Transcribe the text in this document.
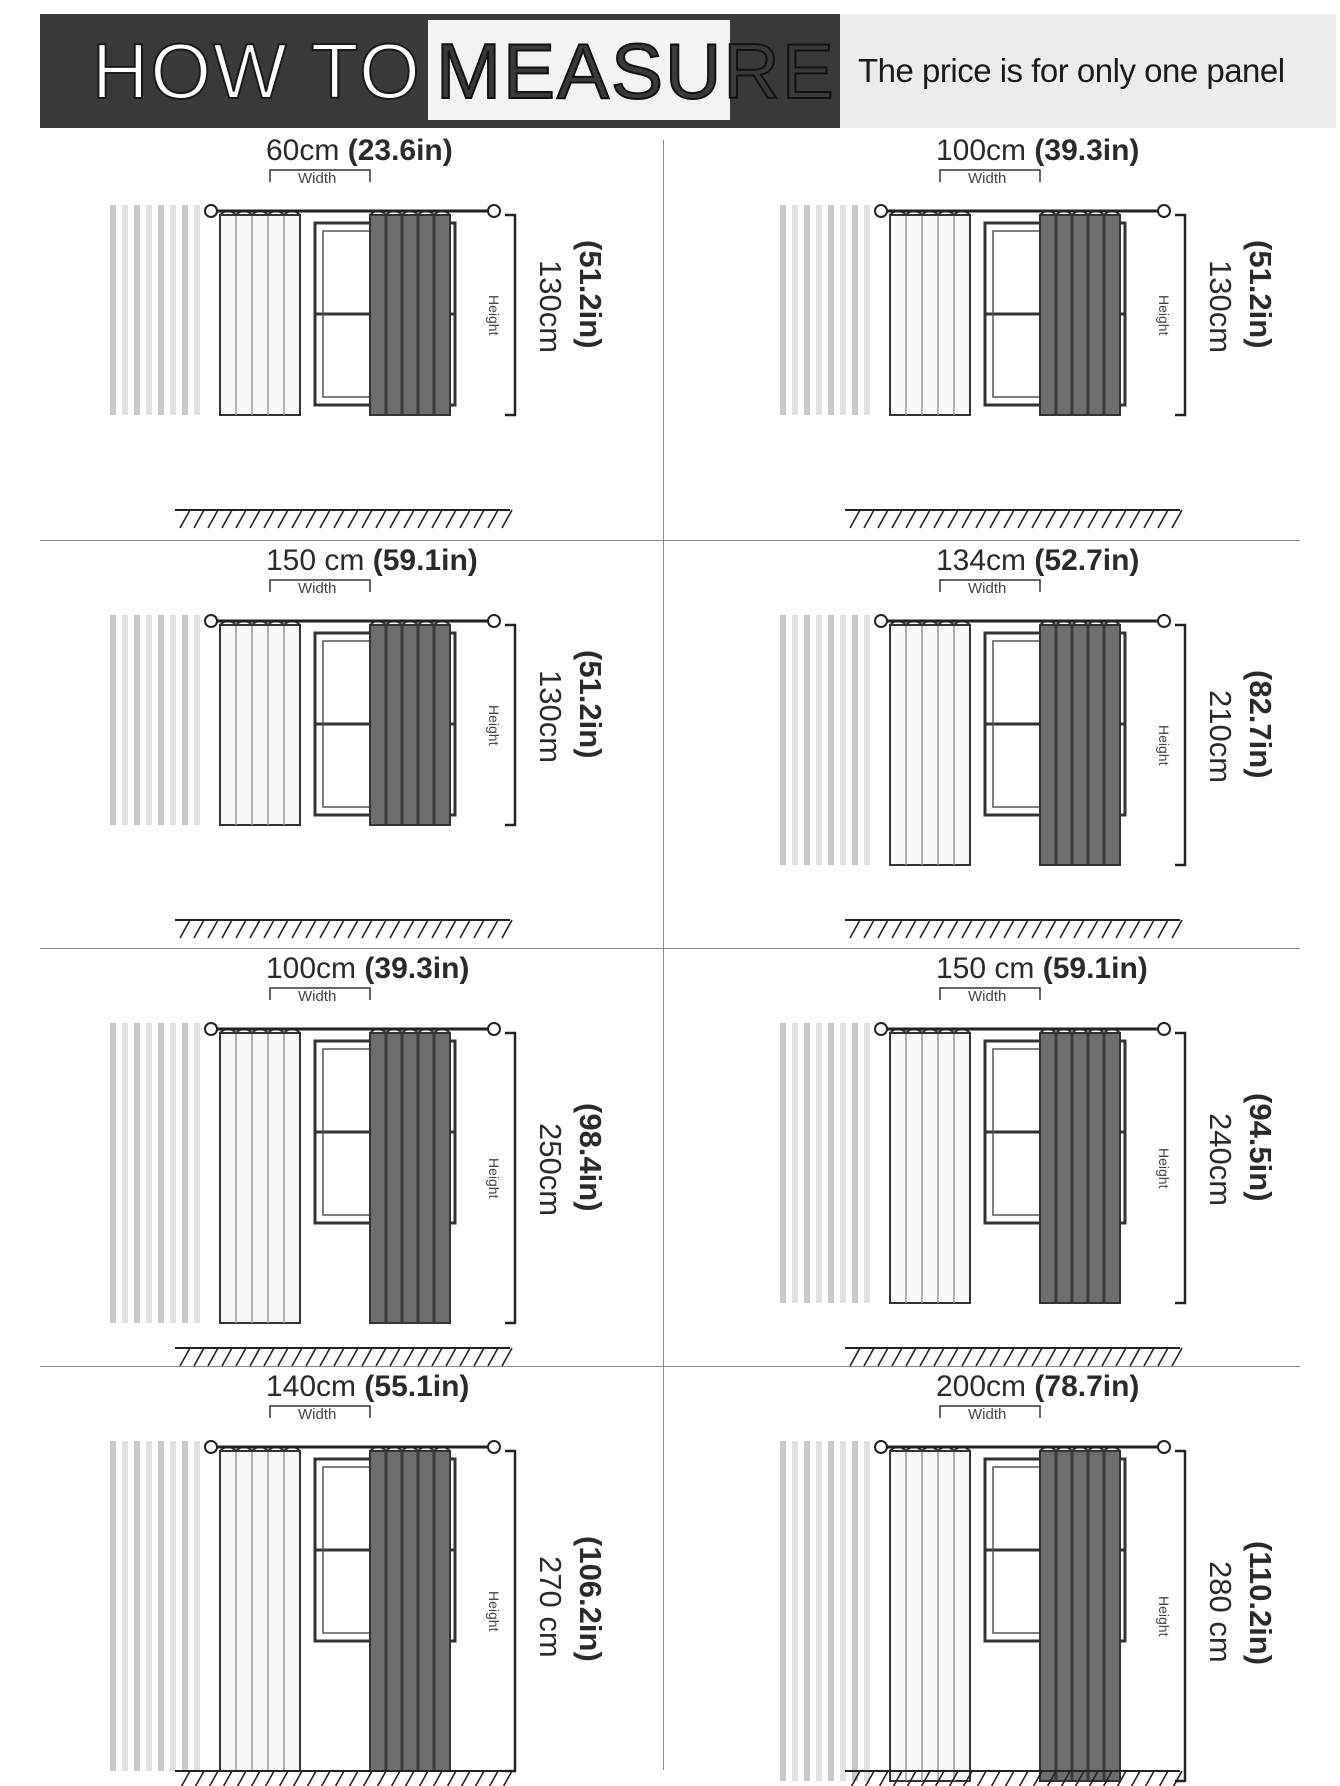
HOW TO MEASURE The price is for only one panel
60cm (23.6in)
Width
Height 130cm (51.2in)
100cm (39.3in)
Width
Height 130cm (51.2in)
150 cm (59.1in)
Width
Height 130cm (51.2in)
134cm (52.7in)
Width
Height 210cm (82.7in)
100cm (39.3in)
Width
Height 250cm (98.4in)
150 cm (59.1in)
Width
Height 240cm (94.5in)
140cm (55.1in)
Width
Height 270 cm (106.2in)
200cm (78.7in)
Width
Height 280 cm (110.2in)
